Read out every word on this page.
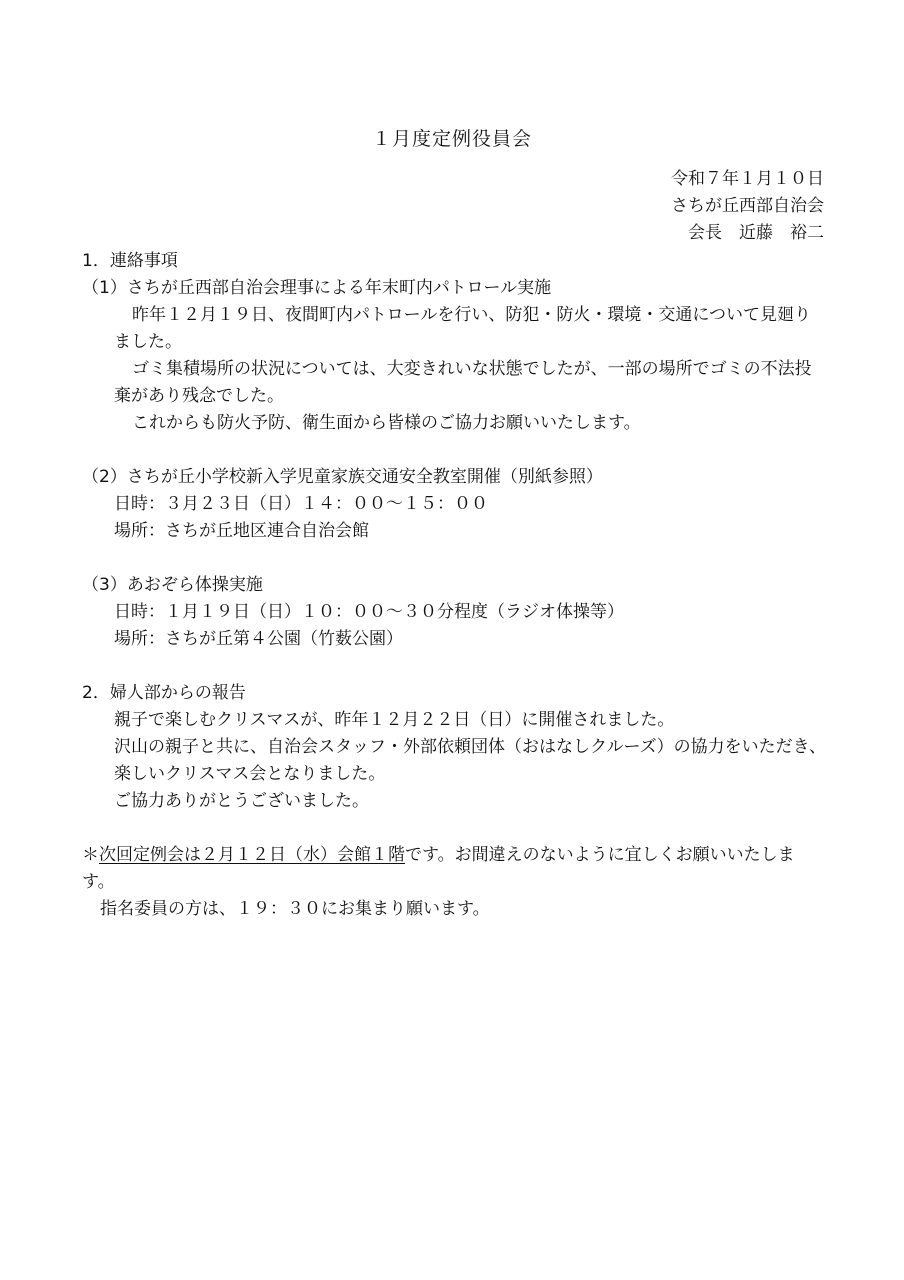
１月度定例役員会
令和７年１月１０日
さちが丘西部自治会
会長　近藤　裕二
1．連絡事項
（1）さちが丘西部自治会理事による年末町内パトロール実施
昨年１２月１９日、夜間町内パトロールを行い、防犯・防火・環境・交通について見廻りました。
ゴミ集積場所の状況については、大変きれいな状態でしたが、一部の場所でゴミの不法投棄があり残念でした。
これからも防火予防、衛生面から皆様のご協力お願いいたします。
（2）さちが丘小学校新入学児童家族交通安全教室開催（別紙参照）
日時：３月２３日（日）１４：００～１５：００
場所：さちが丘地区連合自治会館
（3）あおぞら体操実施
日時：１月１９日（日）１０：００～３０分程度（ラジオ体操等）
場所：さちが丘第４公園（竹薮公園）
2．婦人部からの報告
親子で楽しむクリスマスが、昨年１２月２２日（日）に開催されました。
沢山の親子と共に、自治会スタッフ・外部依頼団体（おはなしクルーズ）の協力をいただき、楽しいクリスマス会となりました。
ご協力ありがとうございました。
＊次回定例会は２月１２日（水）会館１階です。お間違えのないように宜しくお願いいたします。
指名委員の方は、１９：３０にお集まり願います。
